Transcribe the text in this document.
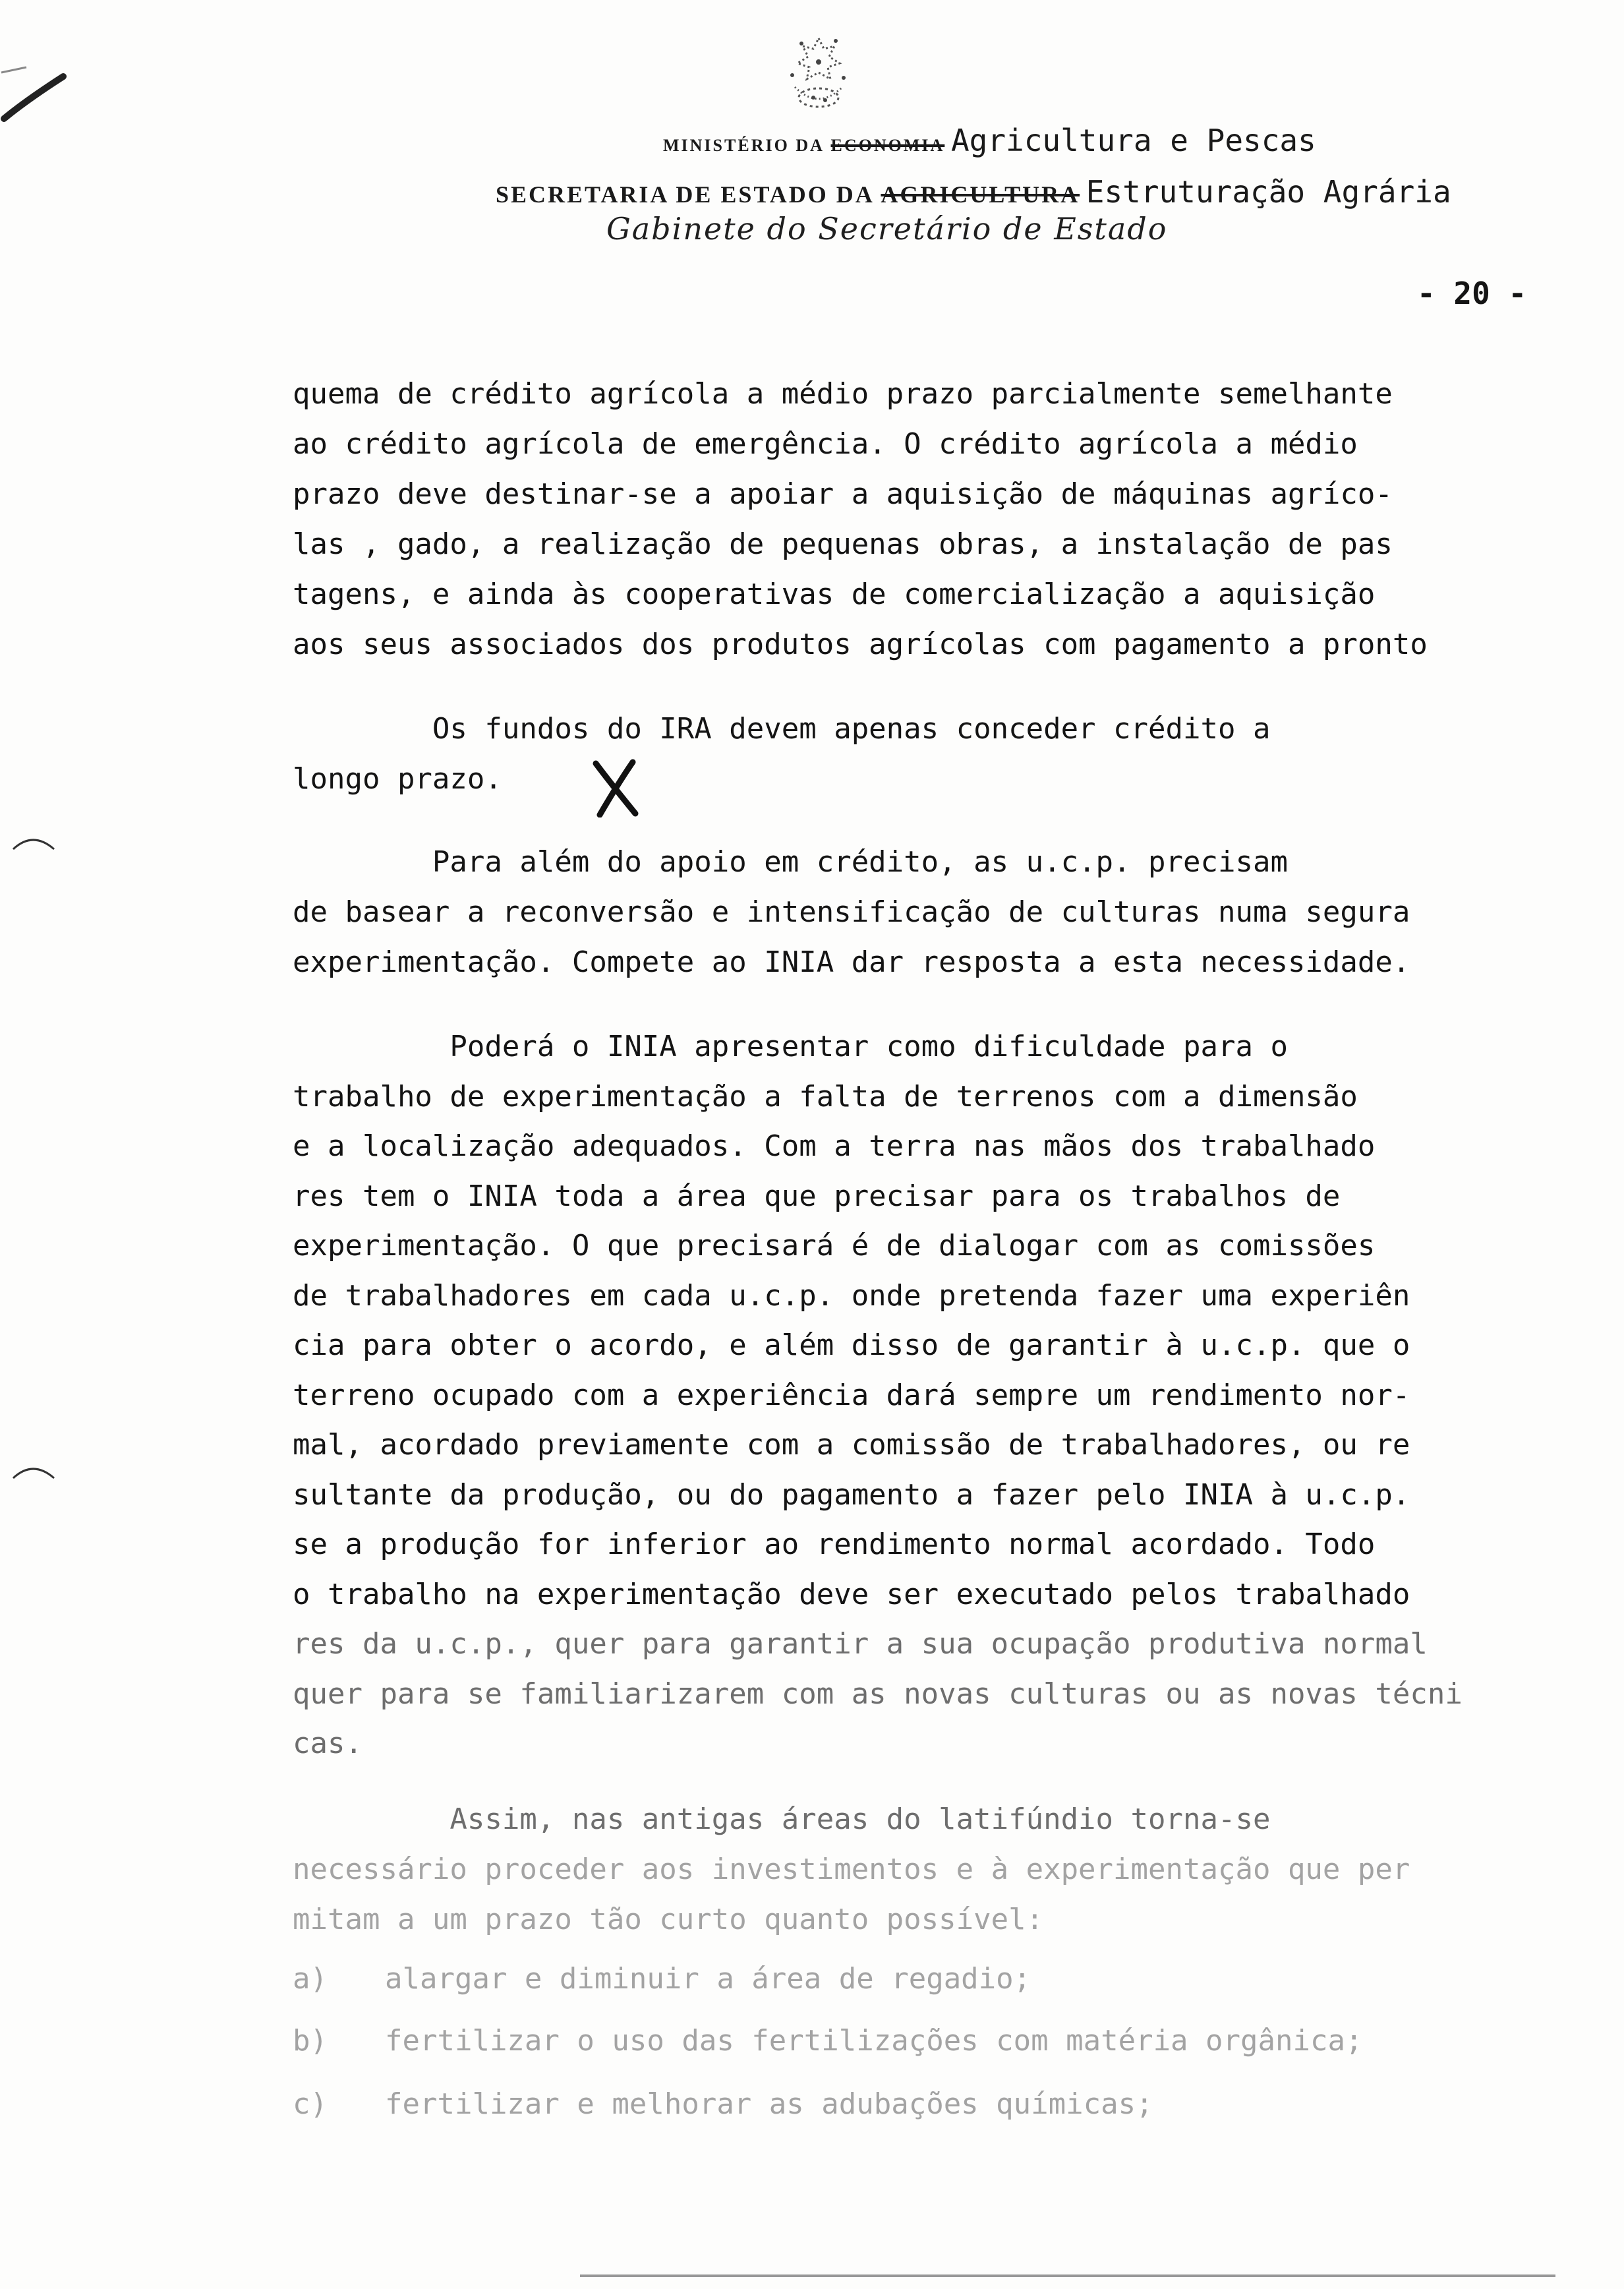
MINISTÉRIO DA ECONOMIA Agricultura e Pescas
SECRETARIA DE ESTADO DA AGRICULTURA Estruturação Agrária
Gabinete do Secretário de Estado
- 20 -
quema de crédito agrícola a médio prazo parcialmente semelhante
ao crédito agrícola de emergência. O crédito agrícola a médio
prazo deve destinar-se a apoiar a aquisição de máquinas agríco-
las , gado, a realização de pequenas obras, a instalação de pas
tagens, e ainda às cooperativas de comercialização a aquisição
aos seus associados dos produtos agrícolas com pagamento a pronto
Os fundos do IRA devem apenas conceder crédito a
longo prazo.
Para além do apoio em crédito, as u.c.p. precisam
de basear a reconversão e intensificação de culturas numa segura
experimentação. Compete ao INIA dar resposta a esta necessidade.
Poderá o INIA apresentar como dificuldade para o
trabalho de experimentação a falta de terrenos com a dimensão
e a localização adequados. Com a terra nas mãos dos trabalhado
res tem o INIA toda a área que precisar para os trabalhos de
experimentação. O que precisará é de dialogar com as comissões
de trabalhadores em cada u.c.p. onde pretenda fazer uma experiên
cia para obter o acordo, e além disso de garantir à u.c.p. que o
terreno ocupado com a experiência dará sempre um rendimento nor-
mal, acordado previamente com a comissão de trabalhadores, ou re
sultante da produção, ou do pagamento a fazer pelo INIA à u.c.p.
se a produção for inferior ao rendimento normal acordado. Todo
o trabalho na experimentação deve ser executado pelos trabalhado
res da u.c.p., quer para garantir a sua ocupação produtiva normal
quer para se familiarizarem com as novas culturas ou as novas técni
cas.
Assim, nas antigas áreas do latifúndio torna-se
necessário proceder aos investimentos e à experimentação que per
mitam a um prazo tão curto quanto possível:
a) alargar e diminuir a área de regadio;
b) fertilizar o uso das fertilizações com matéria orgânica;
c) fertilizar e melhorar as adubações químicas;
